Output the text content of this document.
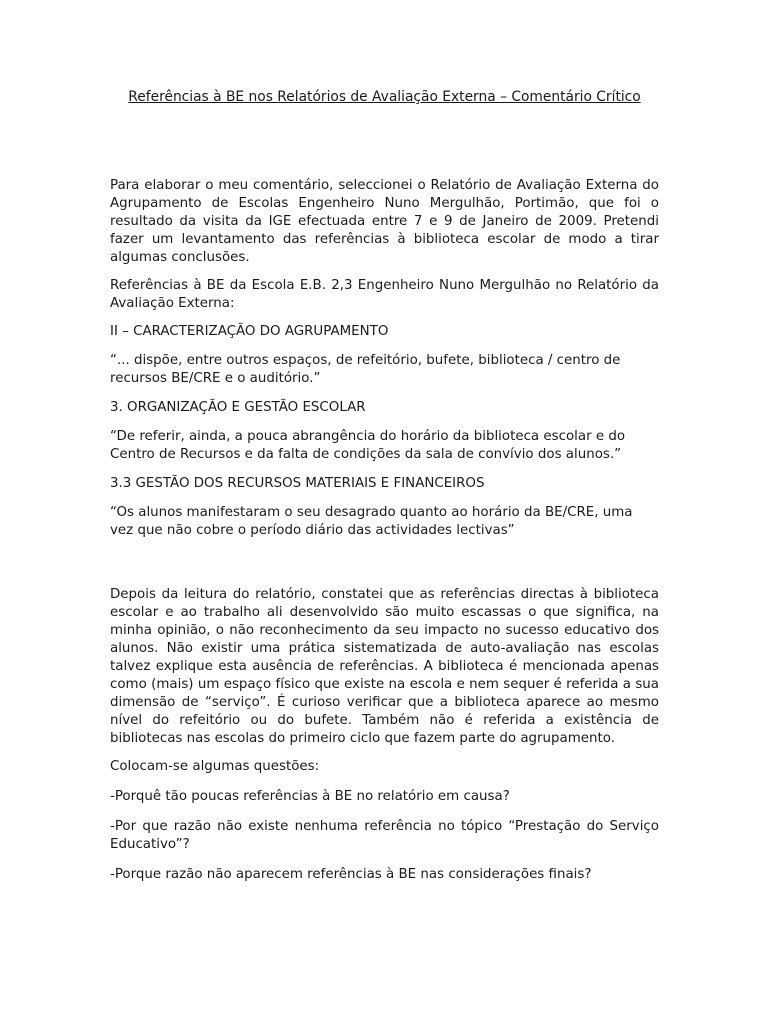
Referências à BE nos Relatórios de Avaliação Externa – Comentário Crítico

Para elaborar o meu comentário, seleccionei o Relatório de Avaliação Externa do Agrupamento de Escolas Engenheiro Nuno Mergulhão, Portimão, que foi o resultado da visita da IGE efectuada entre 7 e 9 de Janeiro de 2009. Pretendi fazer um levantamento das referências à biblioteca escolar de modo a tirar algumas conclusões.

Referências à BE da Escola E.B. 2,3 Engenheiro Nuno Mergulhão no Relatório da Avaliação Externa:

II – CARACTERIZAÇÃO DO AGRUPAMENTO

“... dispõe, entre outros espaços, de refeitório, bufete, biblioteca / centro de recursos BE/CRE e o auditório.”

3. ORGANIZAÇÃO E GESTÃO ESCOLAR

“De referir, ainda, a pouca abrangência do horário da biblioteca escolar e do Centro de Recursos e da falta de condições da sala de convívio dos alunos.”

3.3 GESTÃO DOS RECURSOS MATERIAIS E FINANCEIROS

“Os alunos manifestaram o seu desagrado quanto ao horário da BE/CRE, uma vez que não cobre o período diário das actividades lectivas”

Depois da leitura do relatório, constatei que as referências directas à biblioteca escolar e ao trabalho ali desenvolvido são muito escassas o que significa, na minha opinião, o não reconhecimento da seu impacto no sucesso educativo dos alunos. Não existir uma prática sistematizada de auto-avaliação nas escolas talvez explique esta ausência de referências. A biblioteca é mencionada apenas como (mais) um espaço físico que existe na escola e nem sequer é referida a sua dimensão de “serviço”. É curioso verificar que a biblioteca aparece ao mesmo nível do refeitório ou do bufete. Também não é referida a existência de bibliotecas nas escolas do primeiro ciclo que fazem parte do agrupamento.

Colocam-se algumas questões:

-Porquê tão poucas referências à BE no relatório em causa?

-Por que razão não existe nenhuma referência no tópico “Prestação do Serviço Educativo”?

-Porque razão não aparecem referências à BE nas considerações finais?
